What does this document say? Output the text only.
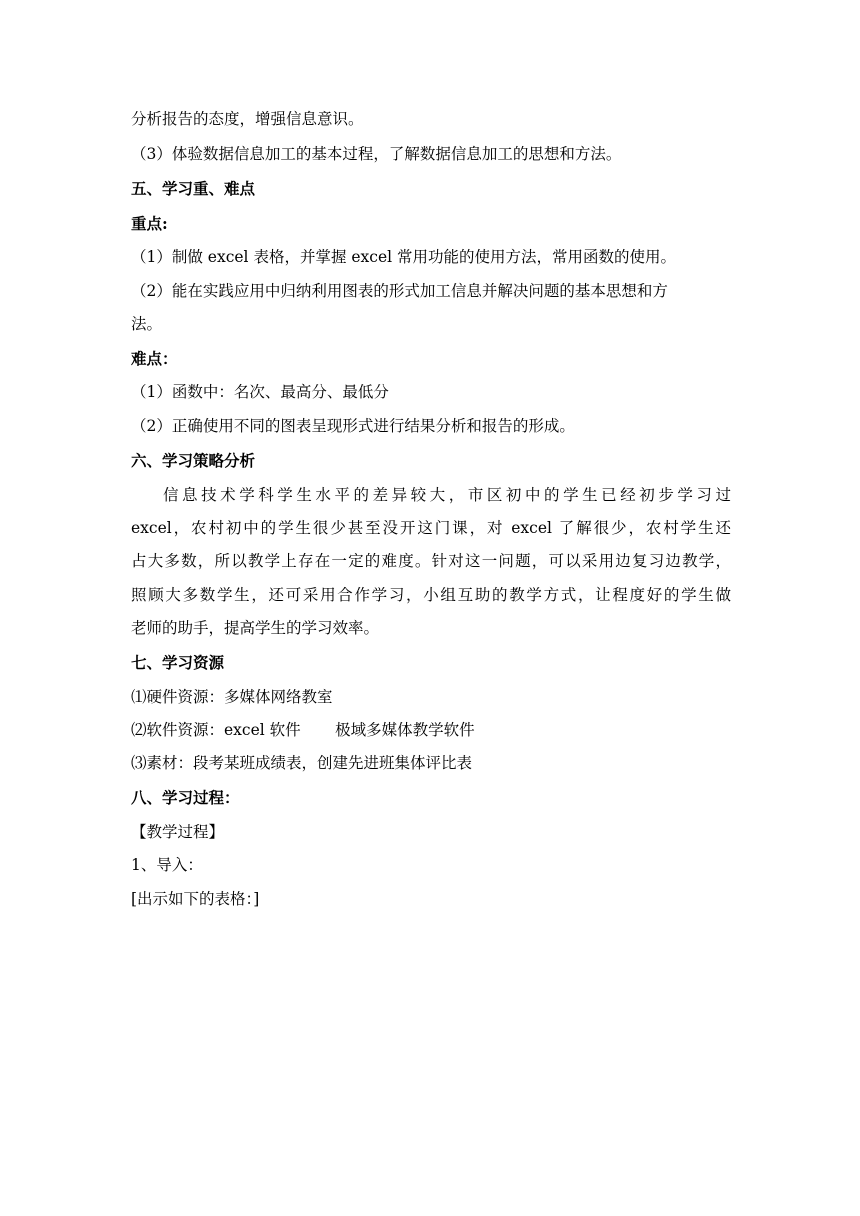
分析报告的态度，增强信息意识。
（3）体验数据信息加工的基本过程，了解数据信息加工的思想和方法。
五、学习重、难点
重点:
（1）制做 excel 表格，并掌握 excel 常用功能的使用方法，常用函数的使用。
（2）能在实践应用中归纳利用图表的形式加工信息并解决问题的基本思想和方
法。
难点：
（1）函数中：名次、最高分、最低分
（2）正确使用不同的图表呈现形式进行结果分析和报告的形成。
六、学习策略分析
信息技术学科学生水平的差异较大，市区初中的学生已经初步学习过
excel，农村初中的学生很少甚至没开这门课，对 excel 了解很少，农村学生还
占大多数，所以教学上存在一定的难度。针对这一问题，可以采用边复习边教学，
照顾大多数学生，还可采用合作学习，小组互助的教学方式，让程度好的学生做
老师的助手，提高学生的学习效率。
七、学习资源
⑴硬件资源：多媒体网络教室
⑵软件资源：excel 软件       极域多媒体教学软件
⑶素材：段考某班成绩表，创建先进班集体评比表
八、学习过程：
【教学过程】
1、导入：
[出示如下的表格：]
